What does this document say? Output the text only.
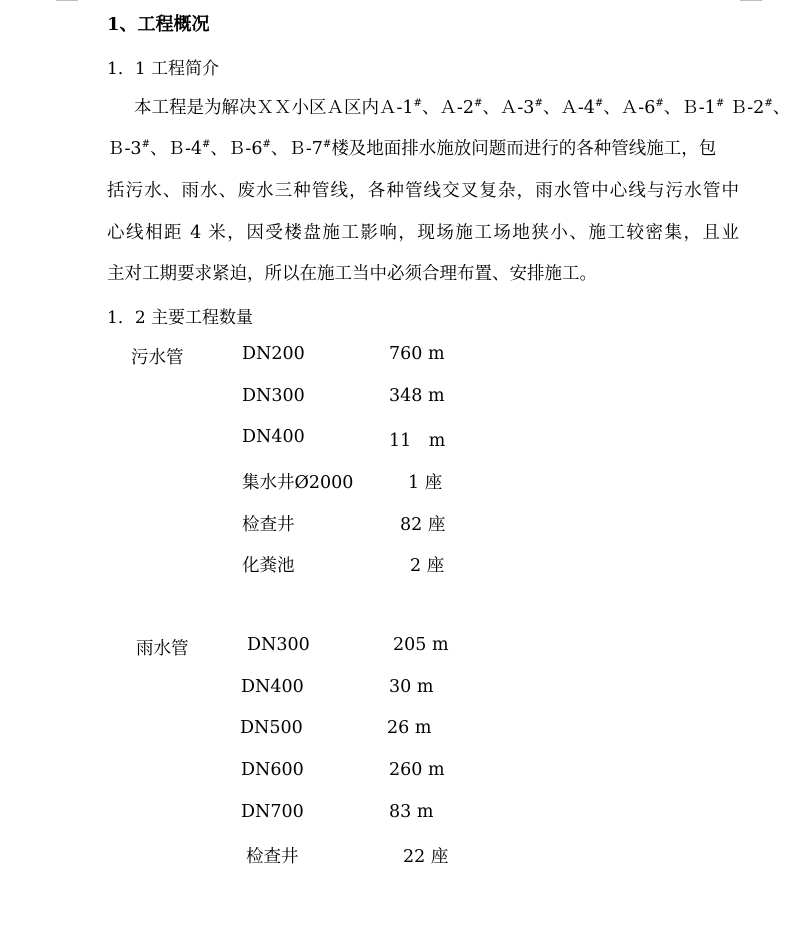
1、工程概况
1．1 工程简介
本工程是为解决ＸＸ小区Ａ区内Ａ-1#、Ａ-2#、Ａ-3#、Ａ-4#、Ａ-6#、Ｂ-1# Ｂ-2#、
Ｂ-3#、Ｂ-4#、Ｂ-6#、Ｂ-7#楼及地面排水施放问题而进行的各种管线施工，包
括污水、雨水、废水三种管线，各种管线交叉复杂，雨水管中心线与污水管中
心线相距 4 米，因受楼盘施工影响，现场施工场地狭小、施工较密集，且业
主对工期要求紧迫，所以在施工当中必须合理布置、安排施工。
1．2 主要工程数量
污水管	DN200	760 m
DN300	348 m
DN400	11　m
集水井Ø2000	1 座
检查井	82 座
化粪池	2 座
雨水管	DN300	205 m
DN400	30 m
DN500	26 m
DN600	260 m
DN700	83 m
检查井	22 座
